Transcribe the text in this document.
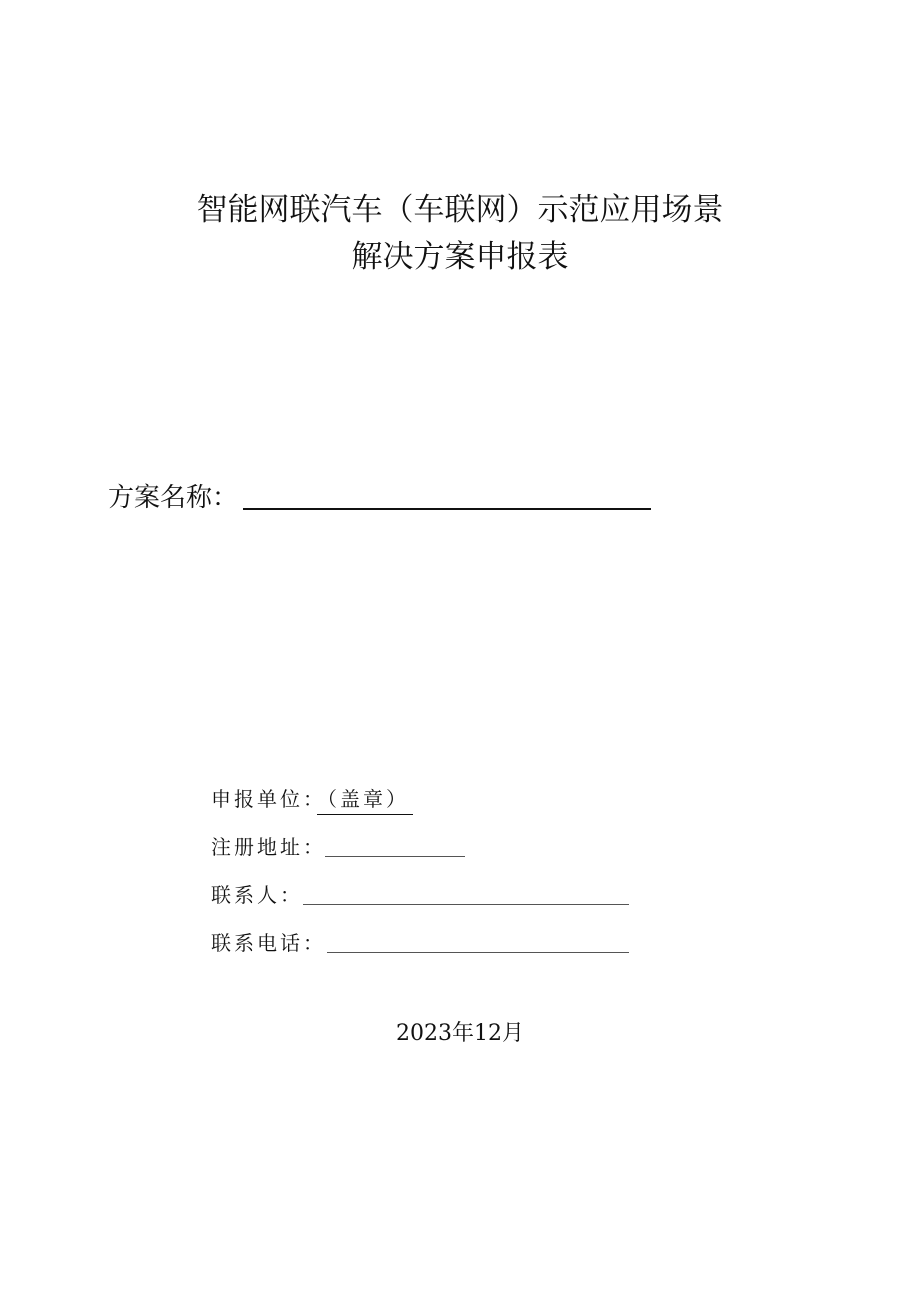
智能网联汽车（车联网）示范应用场景
解决方案申报表
方案名称：
申报单位：
（盖章）
注册地址：
联系人：
联系电话：
2023年12月
